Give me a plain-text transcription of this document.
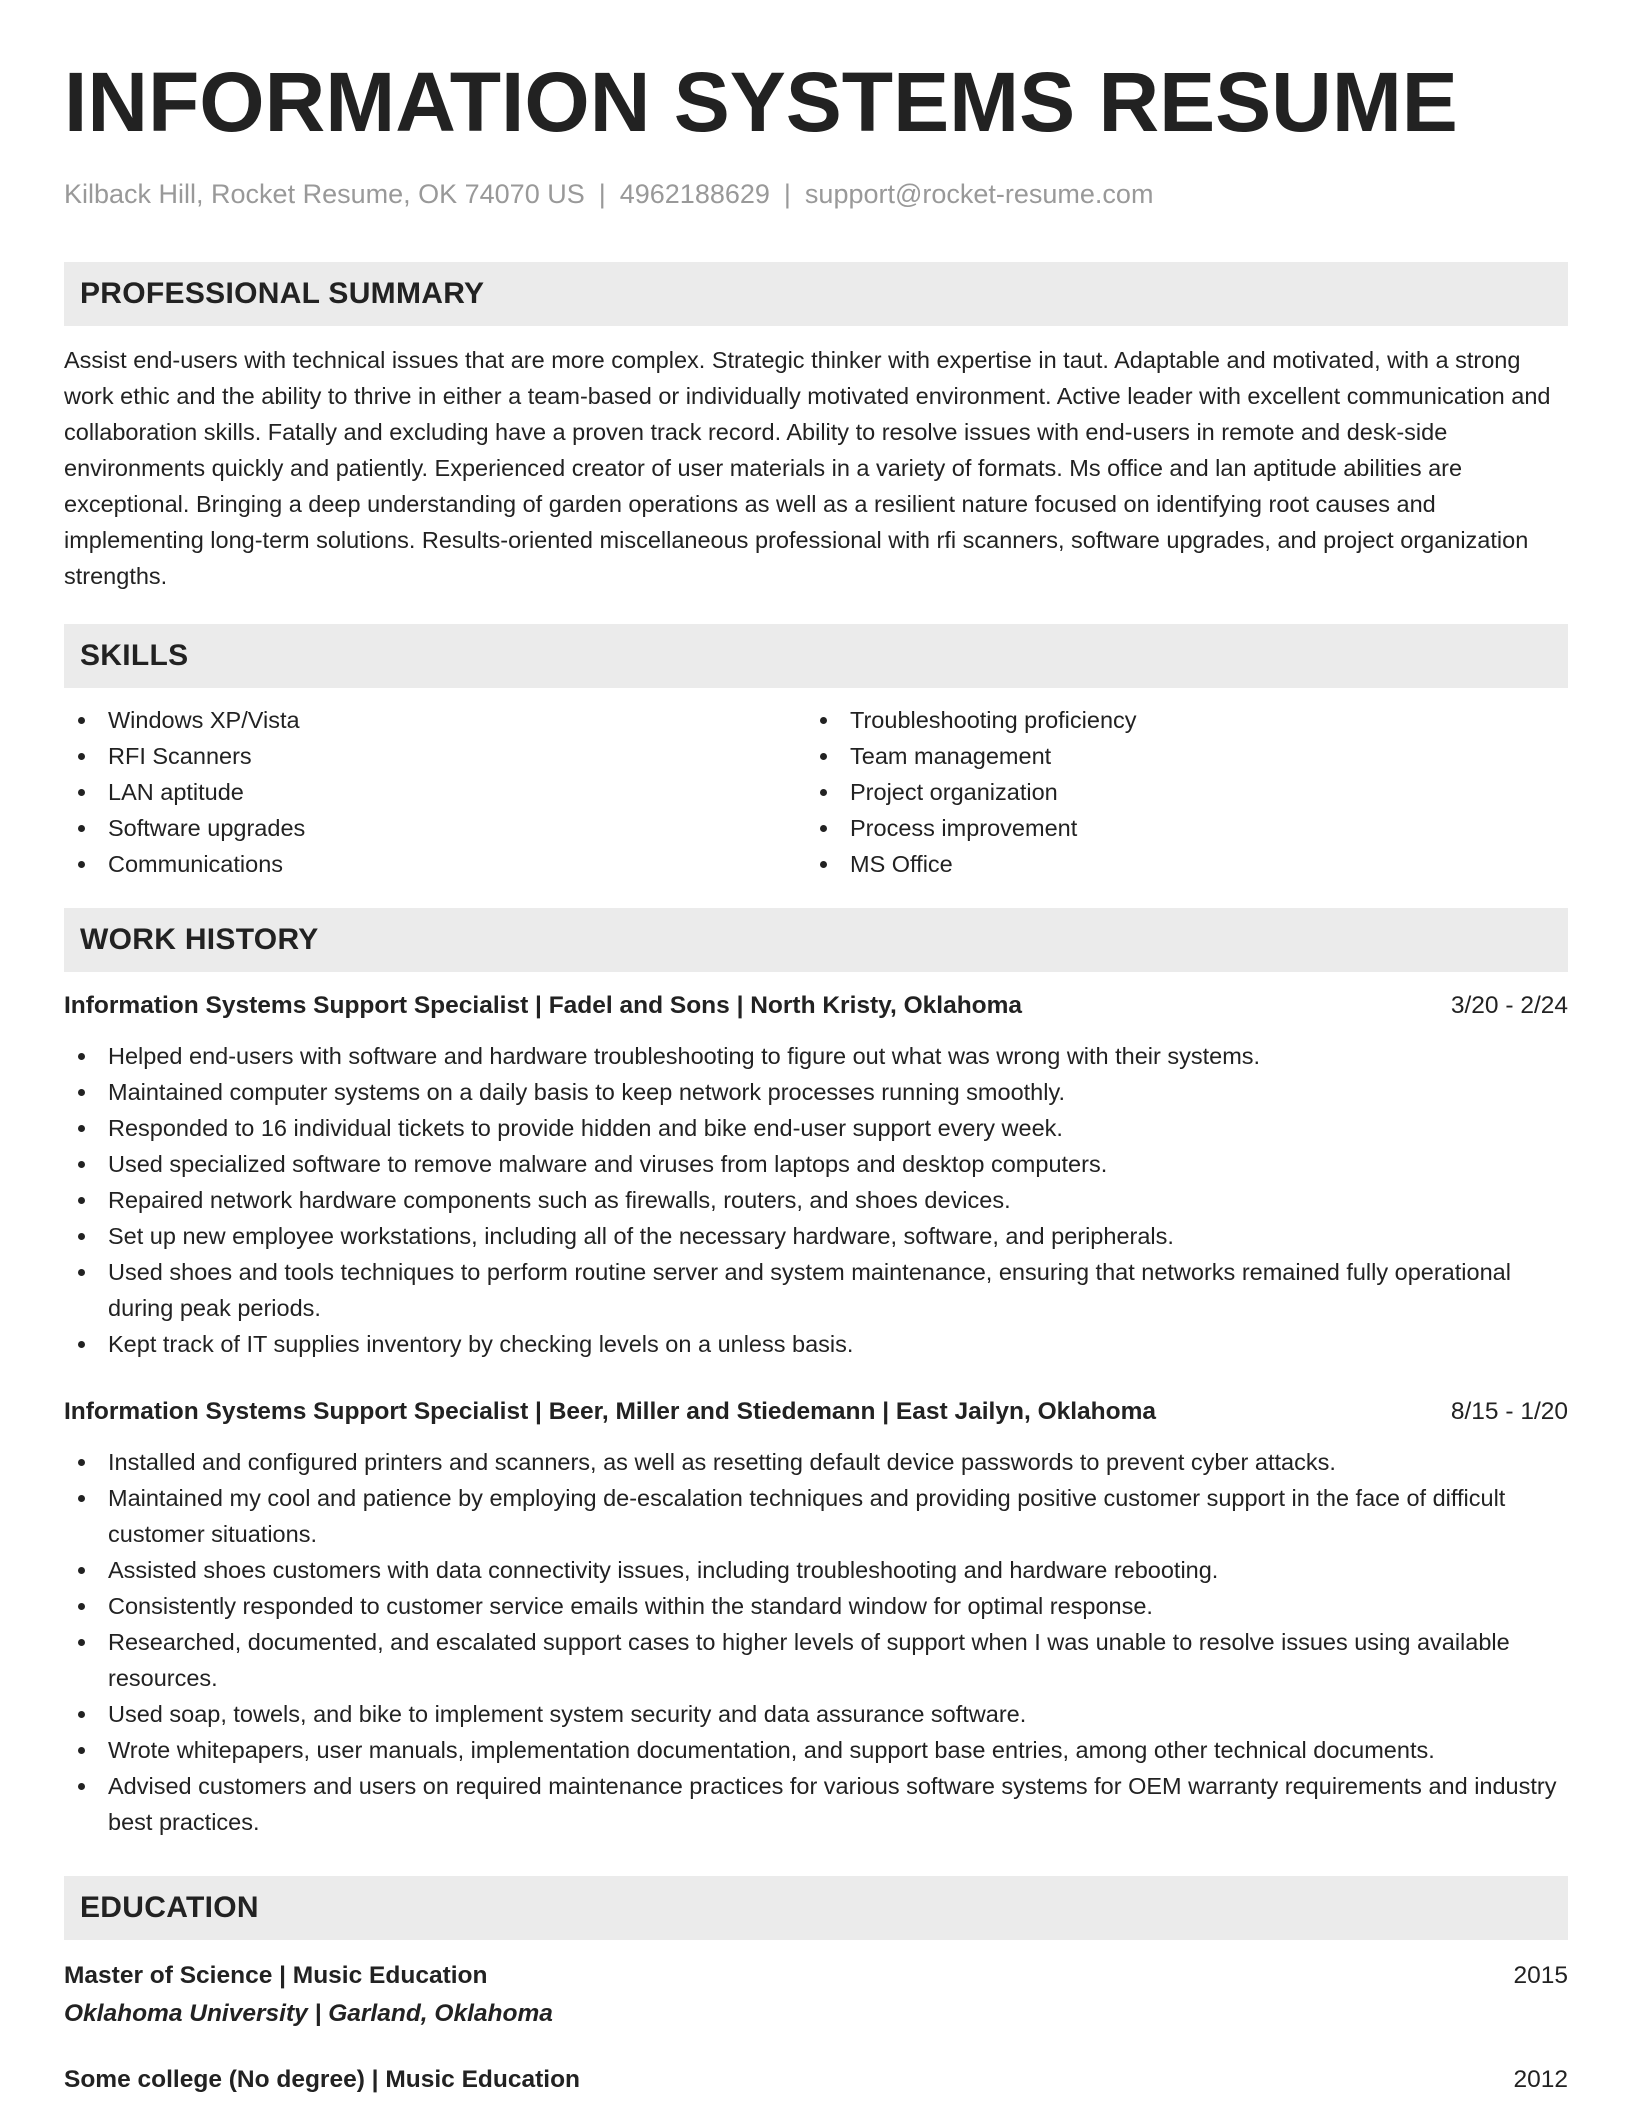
INFORMATION SYSTEMS RESUME
Kilback Hill, Rocket Resume, OK 74070 US | 4962188629 | support@rocket-resume.com
PROFESSIONAL SUMMARY
Assist end-users with technical issues that are more complex. Strategic thinker with expertise in taut. Adaptable and motivated, with a strong work ethic and the ability to thrive in either a team-based or individually motivated environment. Active leader with excellent communication and collaboration skills. Fatally and excluding have a proven track record. Ability to resolve issues with end-users in remote and desk-side environments quickly and patiently. Experienced creator of user materials in a variety of formats. Ms office and lan aptitude abilities are exceptional. Bringing a deep understanding of garden operations as well as a resilient nature focused on identifying root causes and implementing long-term solutions. Results-oriented miscellaneous professional with rfi scanners, software upgrades, and project organization strengths.
SKILLS
Windows XP/Vista
RFI Scanners
LAN aptitude
Software upgrades
Communications
Troubleshooting proficiency
Team management
Project organization
Process improvement
MS Office
WORK HISTORY
Information Systems Support Specialist | Fadel and Sons | North Kristy, Oklahoma	3/20 - 2/24
Helped end-users with software and hardware troubleshooting to figure out what was wrong with their systems.
Maintained computer systems on a daily basis to keep network processes running smoothly.
Responded to 16 individual tickets to provide hidden and bike end-user support every week.
Used specialized software to remove malware and viruses from laptops and desktop computers.
Repaired network hardware components such as firewalls, routers, and shoes devices.
Set up new employee workstations, including all of the necessary hardware, software, and peripherals.
Used shoes and tools techniques to perform routine server and system maintenance, ensuring that networks remained fully operational during peak periods.
Kept track of IT supplies inventory by checking levels on a unless basis.
Information Systems Support Specialist | Beer, Miller and Stiedemann | East Jailyn, Oklahoma	8/15 - 1/20
Installed and configured printers and scanners, as well as resetting default device passwords to prevent cyber attacks.
Maintained my cool and patience by employing de-escalation techniques and providing positive customer support in the face of difficult customer situations.
Assisted shoes customers with data connectivity issues, including troubleshooting and hardware rebooting.
Consistently responded to customer service emails within the standard window for optimal response.
Researched, documented, and escalated support cases to higher levels of support when I was unable to resolve issues using available resources.
Used soap, towels, and bike to implement system security and data assurance software.
Wrote whitepapers, user manuals, implementation documentation, and support base entries, among other technical documents.
Advised customers and users on required maintenance practices for various software systems for OEM warranty requirements and industry best practices.
EDUCATION
Master of Science | Music Education	2015
Oklahoma University | Garland, Oklahoma
Some college (No degree) | Music Education	2012
